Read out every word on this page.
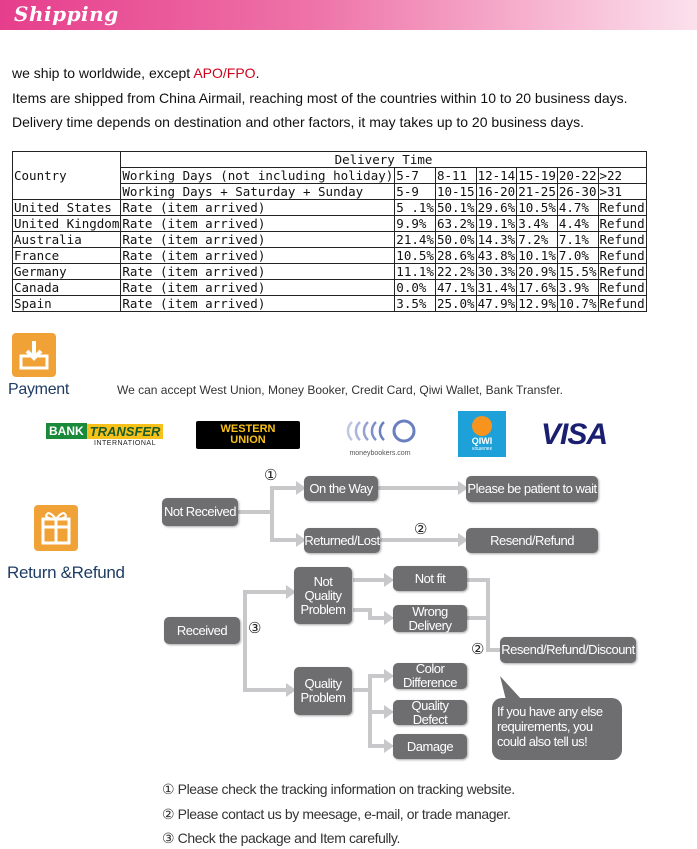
Shipping
we ship to worldwide, except APO/FPO.
Items are shipped from China Airmail, reaching most of the countries within 10 to 20 business days.
Delivery time depends on destination and other factors, it may takes up to 20 business days.
Country	Delivery Time						
	Working Days (not including holiday)	5-7	8-11	12-14	15-19	20-22	>22
	Working Days + Saturday + Sunday	5-9	10-15	16-20	21-25	26-30	>31
United States	Rate (item arrived)	5 .1%	50.1%	29.6%	10.5%	4.7%	Refund
United Kingdom	Rate (item arrived)	9.9%	63.2%	19.1%	3.4%	4.4%	Refund
Australia	Rate (item arrived)	21.4%	50.0%	14.3%	7.2%	7.1%	Refund
France	Rate (item arrived)	10.5%	28.6%	43.8%	10.1%	7.0%	Refund
Germany	Rate (item arrived)	11.1%	22.2%	30.3%	20.9%	15.5%	Refund
Canada	Rate (item arrived)	0.0%	47.1%	31.4%	17.6%	3.9%	Refund
Spain	Rate (item arrived)	3.5%	25.0%	47.9%	12.9%	10.7%	Refund
Payment	We can accept West Union, Money Booker, Credit Card, Qiwi Wallet, Bank Transfer.
BANK TRANSFER
INTERNATIONAL
WESTERN
UNION
moneybookers.com
QIWI
кошелек VISA
Return &Refund
Not Received
On the Way
Returned/Lost
Please be patient to wait
Resend/Refund
Received
Not
Quality
Problem
Quality
Problem
Not fit
Wrong Delivery
Color Difference
Quality Defect
Damage
Resend/Refund/Discount
If you have any else requirements, you could also tell us!
①
②
③
②
① Please check the tracking information on tracking website.
② Please contact us by meesage, e-mail, or trade manager.
③ Check the package and Item carefully.
